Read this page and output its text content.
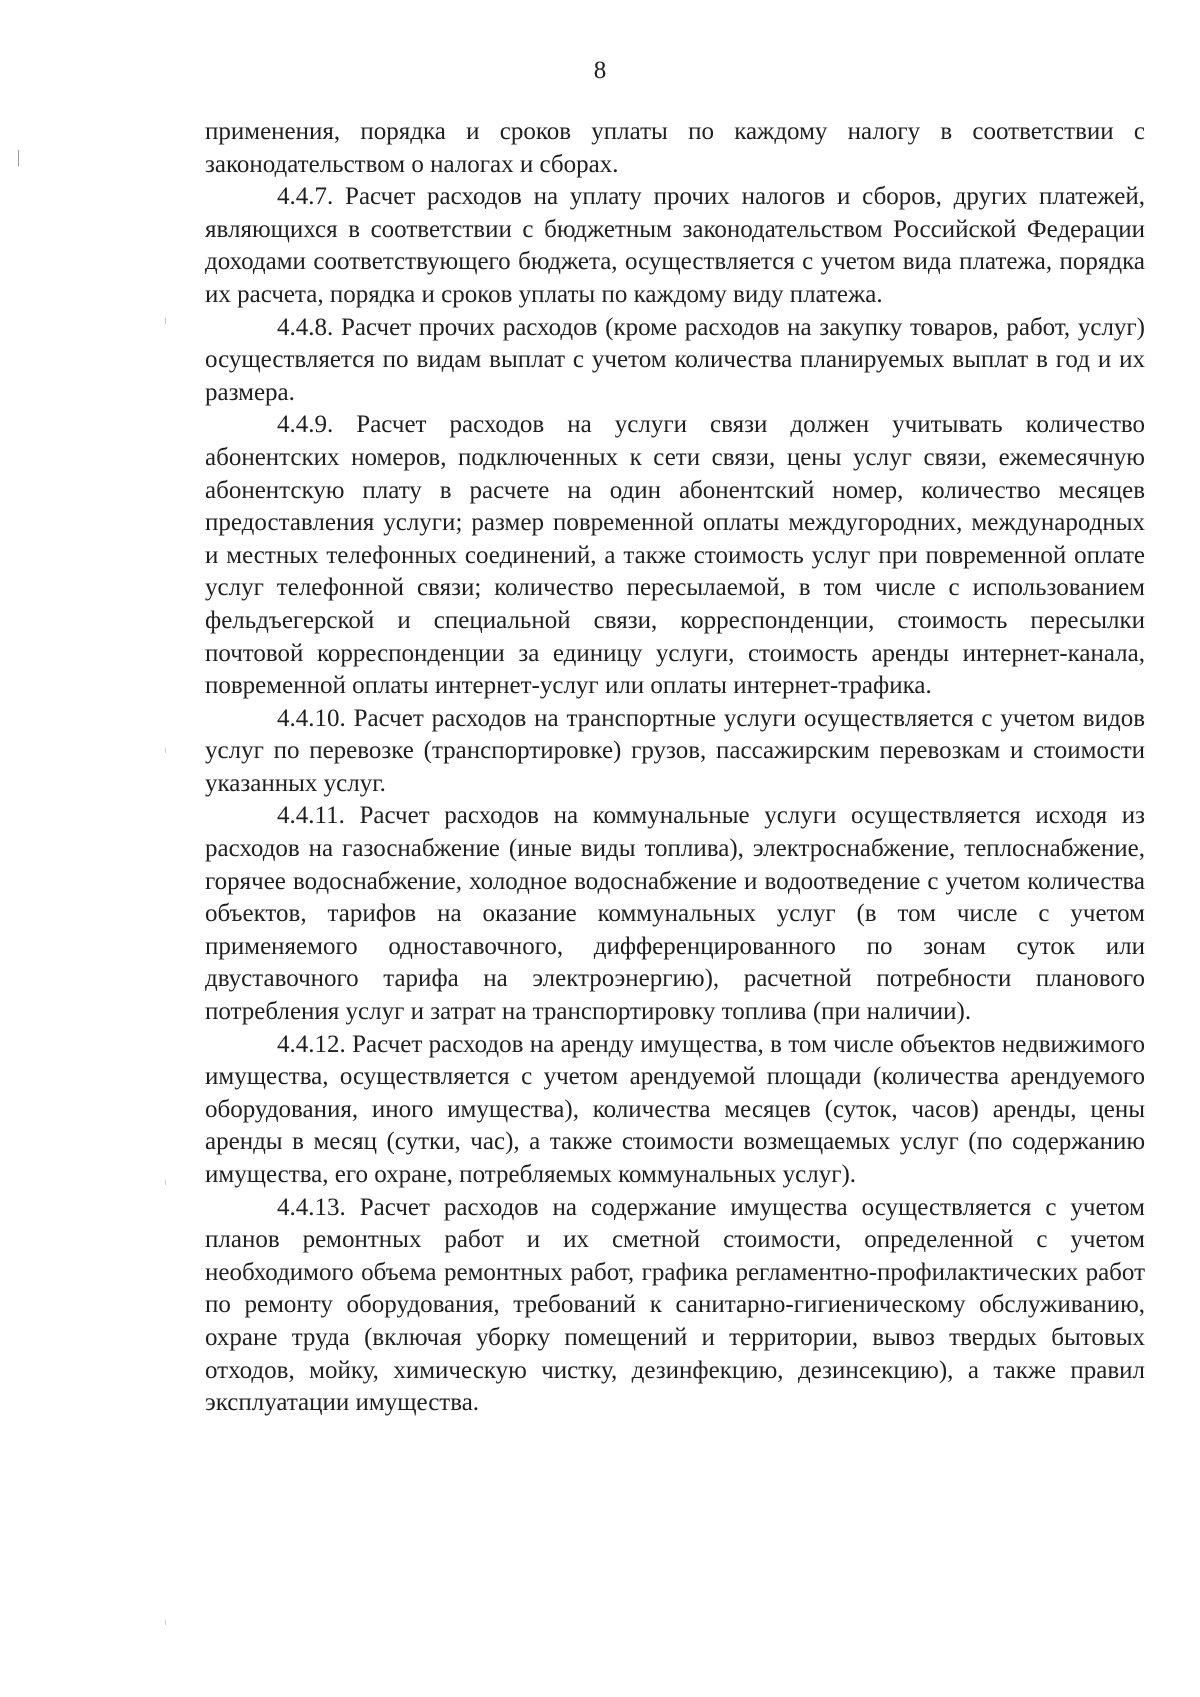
8

применения, порядка и сроков уплаты по каждому налогу в соответствии с законодательством о налогах и сборах.

4.4.7. Расчет расходов на уплату прочих налогов и сборов, других платежей, являющихся в соответствии с бюджетным законодательством Российской Федерации доходами соответствующего бюджета, осуществляется с учетом вида платежа, порядка их расчета, порядка и сроков уплаты по каждому виду платежа.

4.4.8. Расчет прочих расходов (кроме расходов на закупку товаров, работ, услуг) осуществляется по видам выплат с учетом количества планируемых выплат в год и их размера.

4.4.9. Расчет расходов на услуги связи должен учитывать количество абонентских номеров, подключенных к сети связи, цены услуг связи, ежемесячную абонентскую плату в расчете на один абонентский номер, количество месяцев предоставления услуги; размер повременной оплаты междугородних, международных и местных телефонных соединений, а также стоимость услуг при повременной оплате услуг телефонной связи; количество пересылаемой, в том числе с использованием фельдъегерской и специальной связи, корреспонденции, стоимость пересылки почтовой корреспонденции за единицу услуги, стоимость аренды интернет-канала, повременной оплаты интернет-услуг или оплаты интернет-трафика.

4.4.10. Расчет расходов на транспортные услуги осуществляется с учетом видов услуг по перевозке (транспортировке) грузов, пассажирским перевозкам и стоимости указанных услуг.

4.4.11. Расчет расходов на коммунальные услуги осуществляется исходя из расходов на газоснабжение (иные виды топлива), электроснабжение, теплоснабжение, горячее водоснабжение, холодное водоснабжение и водоотведение с учетом количества объектов, тарифов на оказание коммунальных услуг (в том числе с учетом применяемого одноставочного, дифференцированного по зонам суток или двуставочного тарифа на электроэнергию), расчетной потребности планового потребления услуг и затрат на транспортировку топлива (при наличии).

4.4.12. Расчет расходов на аренду имущества, в том числе объектов недвижимого имущества, осуществляется с учетом арендуемой площади (количества арендуемого оборудования, иного имущества), количества месяцев (суток, часов) аренды, цены аренды в месяц (сутки, час), а также стоимости возмещаемых услуг (по содержанию имущества, его охране, потребляемых коммунальных услуг).

4.4.13. Расчет расходов на содержание имущества осуществляется с учетом планов ремонтных работ и их сметной стоимости, определенной с учетом необходимого объема ремонтных работ, графика регламентно-профилактических работ по ремонту оборудования, требований к санитарно-гигиеническому обслуживанию, охране труда (включая уборку помещений и территории, вывоз твердых бытовых отходов, мойку, химическую чистку, дезинфекцию, дезинсекцию), а также правил эксплуатации имущества.
